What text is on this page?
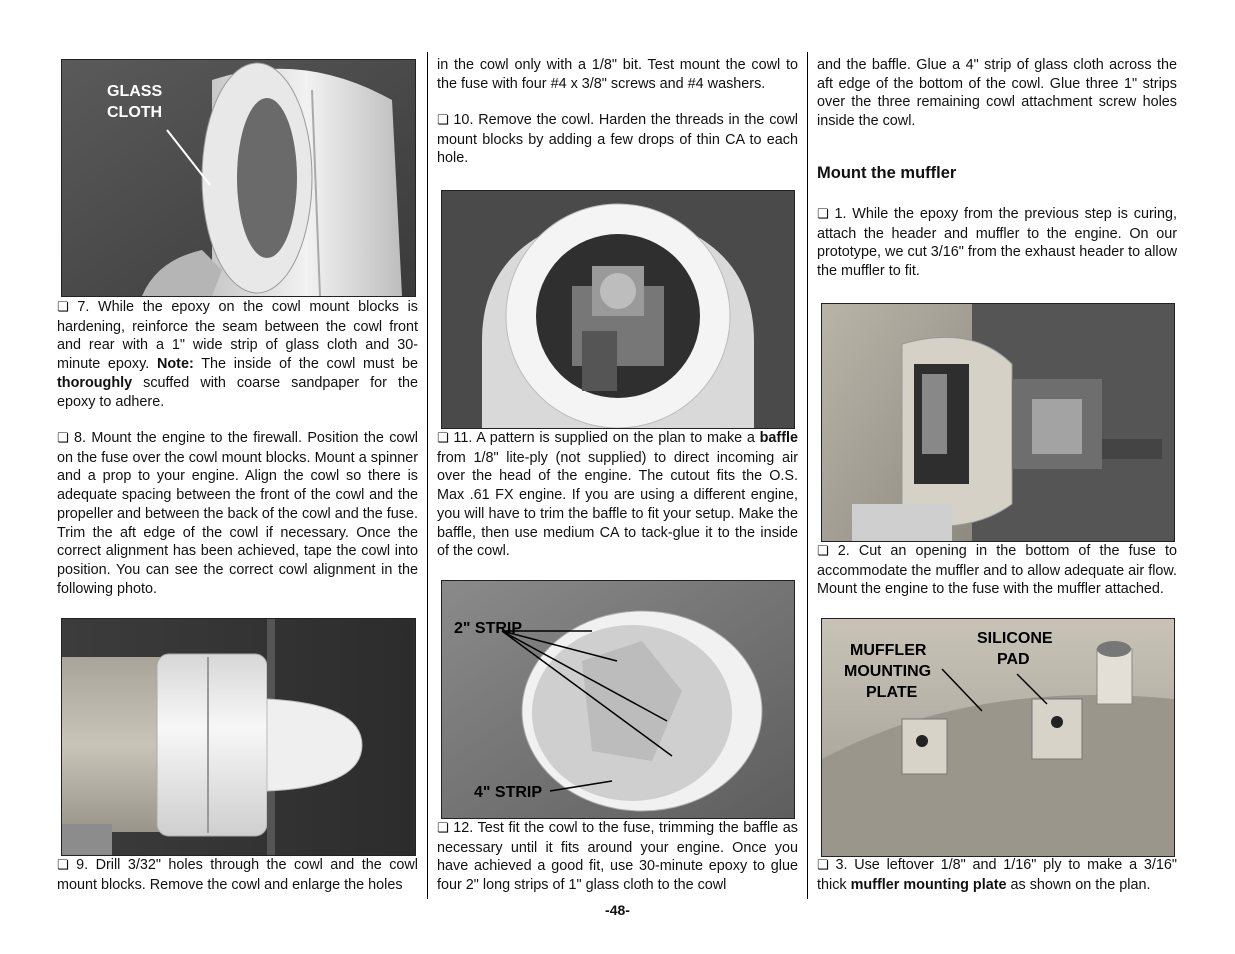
GLASS
CLOTH

❏ 7. While the epoxy on the cowl mount blocks is hardening, reinforce the seam between the cowl front and rear with a 1" wide strip of glass cloth and 30-minute epoxy. Note: The inside of the cowl must be thoroughly scuffed with coarse sandpaper for the epoxy to adhere.

❏ 8. Mount the engine to the firewall. Position the cowl on the fuse over the cowl mount blocks. Mount a spinner and a prop to your engine. Align the cowl so there is adequate spacing between the front of the cowl and the propeller and between the back of the cowl and the fuse. Trim the aft edge of the cowl if necessary. Once the correct alignment has been achieved, tape the cowl into position. You can see the correct cowl alignment in the following photo.

❏ 9. Drill 3/32" holes through the cowl and the cowl mount blocks. Remove the cowl and enlarge the holes

in the cowl only with a 1/8" bit. Test mount the cowl to the fuse with four #4 x 3/8" screws and #4 washers.

❏ 10. Remove the cowl. Harden the threads in the cowl mount blocks by adding a few drops of thin CA to each hole.

❏ 11. A pattern is supplied on the plan to make a baffle from 1/8" lite-ply (not supplied) to direct incoming air over the head of the engine. The cutout fits the O.S. Max .61 FX engine. If you are using a different engine, you will have to trim the baffle to fit your setup. Make the baffle, then use medium CA to tack-glue it to the inside of the cowl.

2" STRIP
4" STRIP

❏ 12. Test fit the cowl to the fuse, trimming the baffle as necessary until it fits around your engine. Once you have achieved a good fit, use 30-minute epoxy to glue four 2" long strips of 1" glass cloth to the cowl

and the baffle. Glue a 4" strip of glass cloth across the aft edge of the bottom of the cowl. Glue three 1" strips over the three remaining cowl attachment screw holes inside the cowl.

Mount the muffler

❏ 1. While the epoxy from the previous step is curing, attach the header and muffler to the engine. On our prototype, we cut 3/16" from the exhaust header to allow the muffler to fit.

❏ 2. Cut an opening in the bottom of the fuse to accommodate the muffler and to allow adequate air flow. Mount the engine to the fuse with the muffler attached.

MUFFLER
MOUNTING
PLATE
SILICONE
PAD

❏ 3. Use leftover 1/8" and 1/16" ply to make a 3/16" thick muffler mounting plate as shown on the plan.

-48-
